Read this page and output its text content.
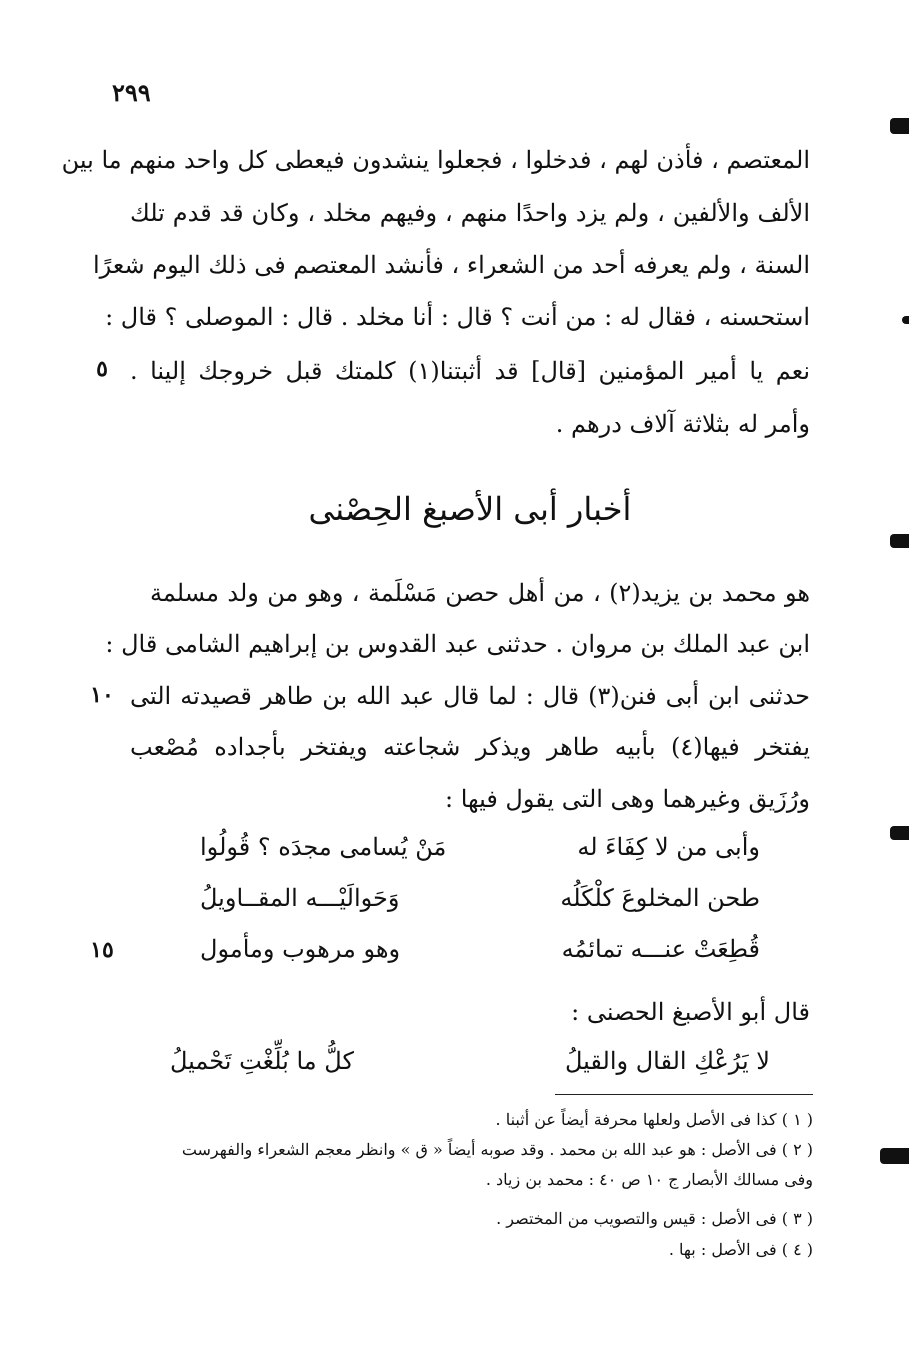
٢٩٩
المعتصم ، فأذن لهم ، فدخلوا ، فجعلوا ينشدون فيعطى كل واحد منهم ما بين
الألف والألفين ، ولم يزد واحدًا منهم ، وفيهم مخلد ، وكان قد قدم تلك
السنة ، ولم يعرفه أحد من الشعراء ، فأنشد المعتصم فى ذلك اليوم شعرًا
استحسنه ، فقال له : من أنت ؟ قال : أنا مخلد . قال : الموصلى ؟ قال :
نعم يا أمير المؤمنين [قال] قد أثبتنا(١) كلمتك قبل خروجك إلينا .
٥
وأمر له بثلاثة آلاف درهم .
أخبار أبى الأصبغ الحِصْنى
هو محمد بن يزيد(٢) ، من أهل حصن مَسْلَمة ، وهو من ولد مسلمة
ابن عبد الملك بن مروان . حدثنى عبد القدوس بن إبراهيم الشامى قال :
حدثنى ابن أبى فنن(٣) قال : لما قال عبد الله بن طاهر قصيدته التى
١٠
يفتخر فيها(٤) بأبيه طاهر ويذكر شجاعته ويفتخر بأجداده مُصْعب
ورُزَيق وغيرهما وهى التى يقول فيها :
وأبى من لا كِفَاءَ له
مَنْ يُسامى مجدَه ؟ قُولُوا
طحن المخلوعَ كلْكَلُه
وَحَوالَيْـــه المقــاويلُ
قُطِعَتْ عنـــه تمائمُه
وهو مرهوب ومأمول
١٥
قال أبو الأصبغ الحصنى :
لا يَرُعْكِ القال والقيلُ
كلُّ ما بُلِّغْتِ تَحْميلُ
( ١ ) كذا فى الأصل ولعلها محرفة أيضاً عن أثبنا .
( ٢ ) فى الأصل : هو عبد الله بن محمد . وقد صوبه أيضاً « ق » وانظر معجم الشعراء والفهرست
وفى مسالك الأبصار ج ١٠ ص ٤٠ : محمد بن زياد .
( ٣ ) فى الأصل : قيس والتصويب من المختصر .
( ٤ ) فى الأصل : بها .
